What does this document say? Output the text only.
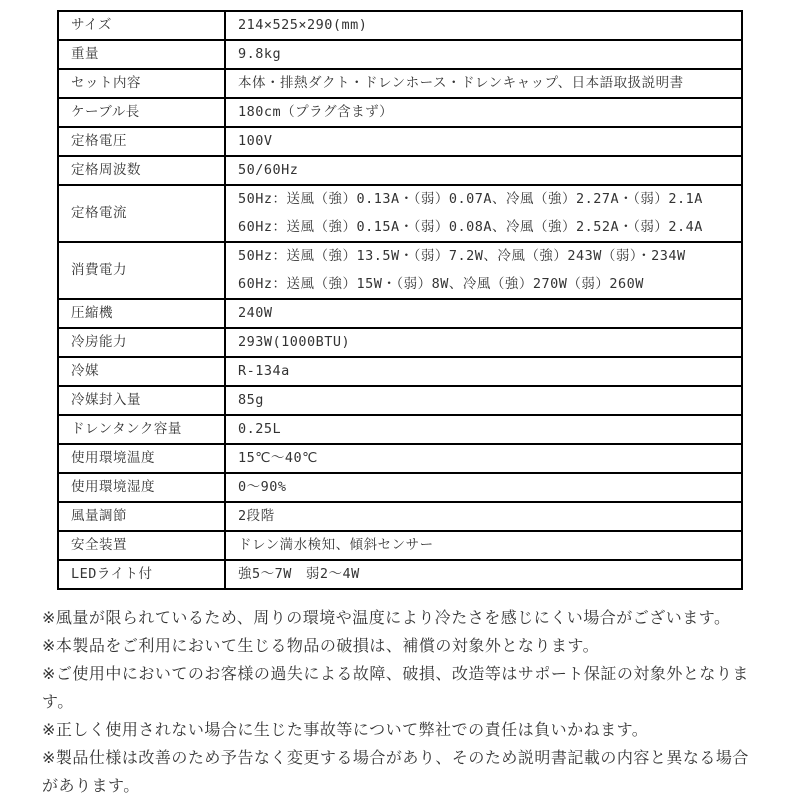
サイズ	214×525×290(mm)

重量	9.8kg

セット内容	本体・排熱ダクト・ドレンホース・ドレンキャップ、日本語取扱説明書

ケーブル長	180cm（プラグ含まず）

定格電圧	100V

定格周波数	50/60Hz

定格電流	50Hz：送風（強）0.13A・（弱）0.07A、冷風（強）2.27A・（弱）2.1A
60Hz：送風（強）0.15A・（弱）0.08A、冷風（強）2.52A・（弱）2.4A

消費電力	50Hz：送風（強）13.5W・（弱）7.2W、冷風（強）243W（弱）・234W
60Hz：送風（強）15W・（弱）8W、冷風（強）270W（弱）260W

圧縮機	240W

冷房能力	293W(1000BTU)

冷媒	R-134a

冷媒封入量	85g

ドレンタンク容量	0.25L

使用環境温度	15℃～40℃

使用環境湿度	0～90%

風量調節	2段階

安全装置	ドレン満水検知、傾斜センサー

LEDライト付	強5～7W　弱2～4W
※風量が限られているため、周りの環境や温度により冷たさを感じにくい場合がございます。
※本製品をご利用において生じる物品の破損は、補償の対象外となります。
※ご使用中においてのお客様の過失による故障、破損、改造等はサポート保証の対象外となります。
※正しく使用されない場合に生じた事故等について弊社での責任は負いかねます。
※製品仕様は改善のため予告なく変更する場合があり、そのため説明書記載の内容と異なる場合があります。
